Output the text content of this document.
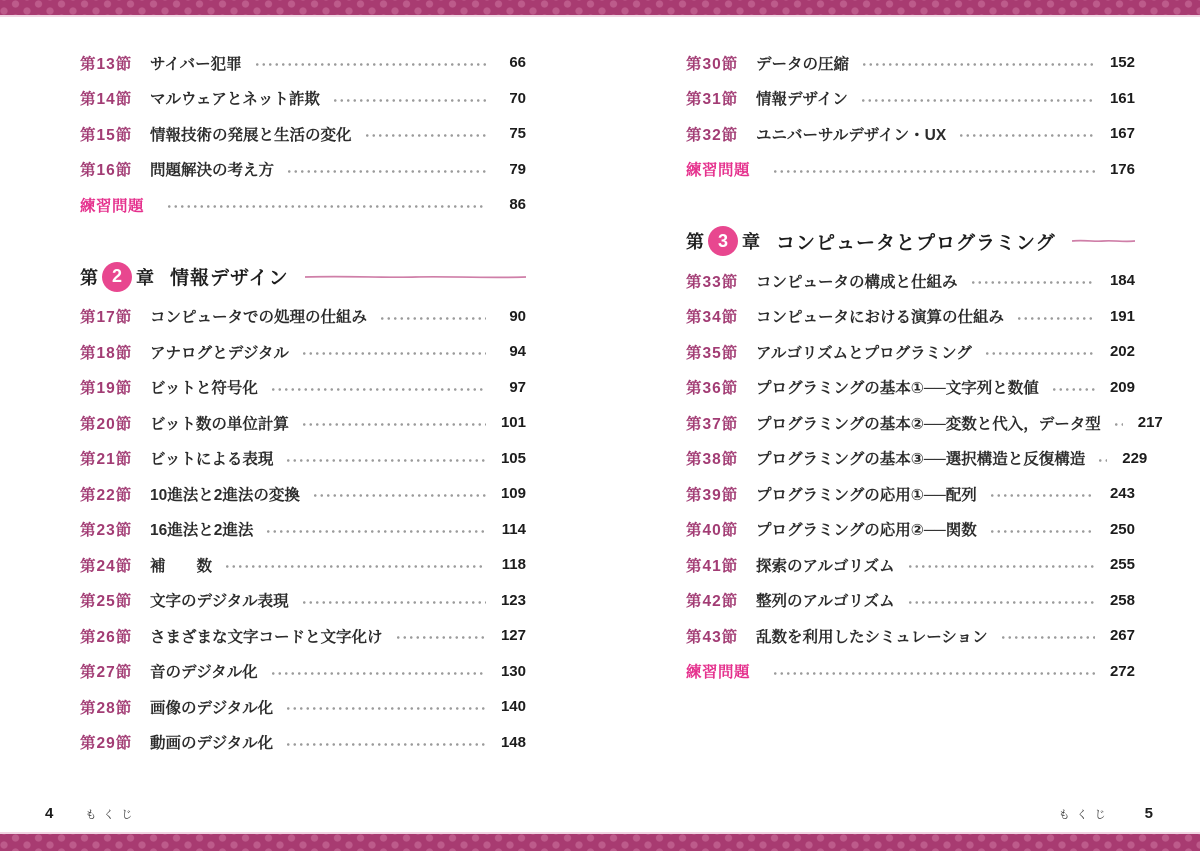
第13節	サイバー犯罪	66
第14節	マルウェアとネット詐欺	70
第15節	情報技術の発展と生活の変化	75
第16節	問題解決の考え方	79
練習問題	86
第 2 章 情報デザイン
第17節	コンピュータでの処理の仕組み	90
第18節	アナログとデジタル	94
第19節	ビットと符号化	97
第20節	ビット数の単位計算	101
第21節	ビットによる表現	105
第22節	10進法と2進法の変換	109
第23節	16進法と2進法	114
第24節	補　　数	118
第25節	文字のデジタル表現	123
第26節	さまざまな文字コードと文字化け	127
第27節	音のデジタル化	130
第28節	画像のデジタル化	140
第29節	動画のデジタル化	148
第30節	データの圧縮	152
第31節	情報デザイン	161
第32節	ユニバーサルデザイン・UX	167
練習問題	176
第 3 章 コンピュータとプログラミング
第33節	コンピュータの構成と仕組み	184
第34節	コンピュータにおける演算の仕組み	191
第35節	アルゴリズムとプログラミング	202
第36節	プログラミングの基本①──文字列と数値	209
第37節	プログラミングの基本②──変数と代入，データ型	217
第38節	プログラミングの基本③──選択構造と反復構造	229
第39節	プログラミングの応用①──配列	243
第40節	プログラミングの応用②──関数	250
第41節	探索のアルゴリズム	255
第42節	整列のアルゴリズム	258
第43節	乱数を利用したシミュレーション	267
練習問題	272
4	もくじ	もくじ 5
